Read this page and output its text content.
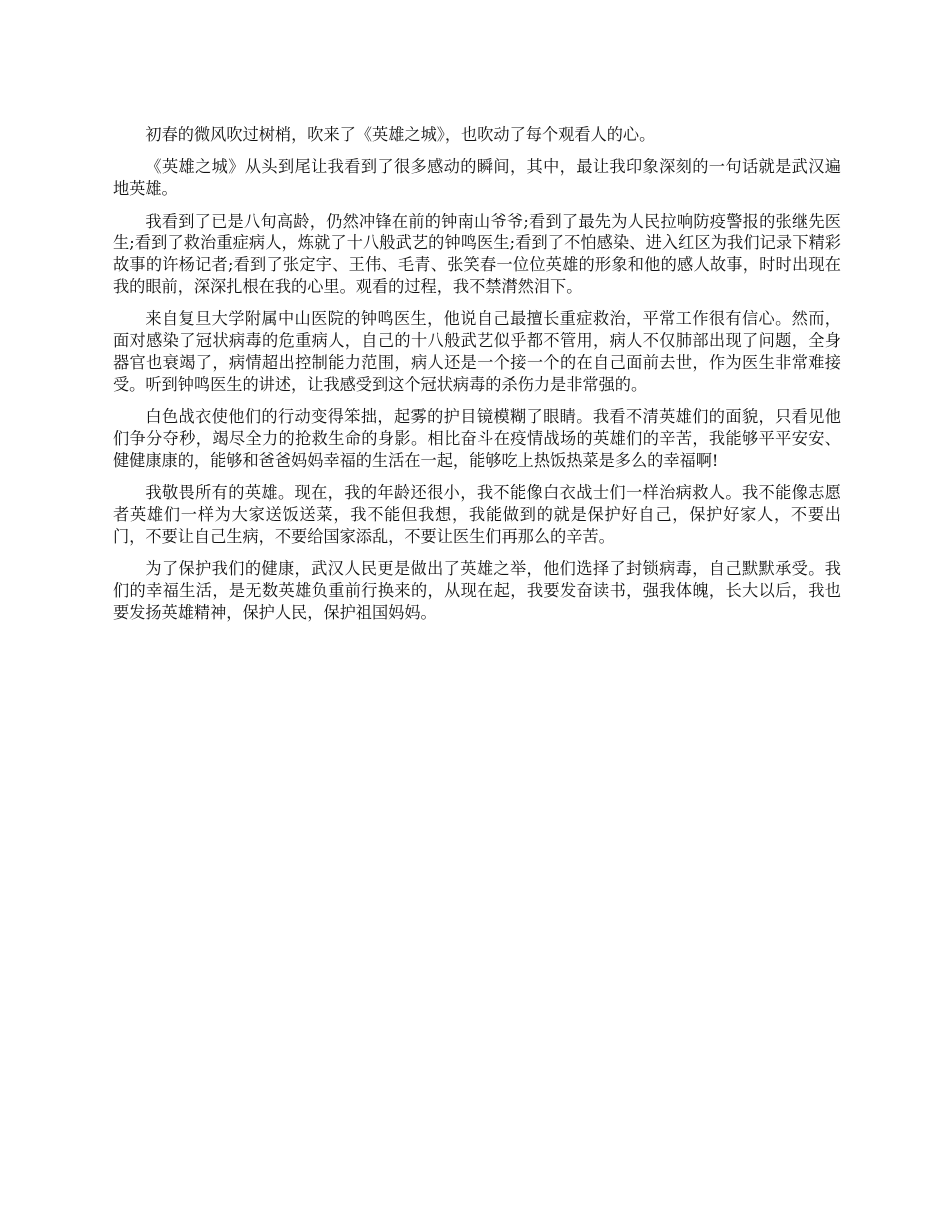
初春的微风吹过树梢，吹来了《英雄之城》，也吹动了每个观看人的心。

《英雄之城》从头到尾让我看到了很多感动的瞬间，其中，最让我印象深刻的一句话就是武汉遍地英雄。

我看到了已是八旬高龄，仍然冲锋在前的钟南山爷爷;看到了最先为人民拉响防疫警报的张继先医生;看到了救治重症病人，炼就了十八般武艺的钟鸣医生;看到了不怕感染、进入红区为我们记录下精彩故事的许杨记者;看到了张定宇、王伟、毛青、张笑春一位位英雄的形象和他的感人故事，时时出现在我的眼前，深深扎根在我的心里。观看的过程，我不禁潸然泪下。

来自复旦大学附属中山医院的钟鸣医生，他说自己最擅长重症救治，平常工作很有信心。然而，面对感染了冠状病毒的危重病人，自己的十八般武艺似乎都不管用，病人不仅肺部出现了问题，全身器官也衰竭了，病情超出控制能力范围，病人还是一个接一个的在自己面前去世，作为医生非常难接受。听到钟鸣医生的讲述，让我感受到这个冠状病毒的杀伤力是非常强的。

白色战衣使他们的行动变得笨拙，起雾的护目镜模糊了眼睛。我看不清英雄们的面貌，只看见他们争分夺秒，竭尽全力的抢救生命的身影。相比奋斗在疫情战场的英雄们的辛苦，我能够平平安安、健健康康的，能够和爸爸妈妈幸福的生活在一起，能够吃上热饭热菜是多么的幸福啊!

我敬畏所有的英雄。现在，我的年龄还很小，我不能像白衣战士们一样治病救人。我不能像志愿者英雄们一样为大家送饭送菜，我不能但我想，我能做到的就是保护好自己，保护好家人，不要出门，不要让自己生病，不要给国家添乱，不要让医生们再那么的辛苦。

为了保护我们的健康，武汉人民更是做出了英雄之举，他们选择了封锁病毒，自己默默承受。我们的幸福生活，是无数英雄负重前行换来的，从现在起，我要发奋读书，强我体魄，长大以后，我也要发扬英雄精神，保护人民，保护祖国妈妈。
